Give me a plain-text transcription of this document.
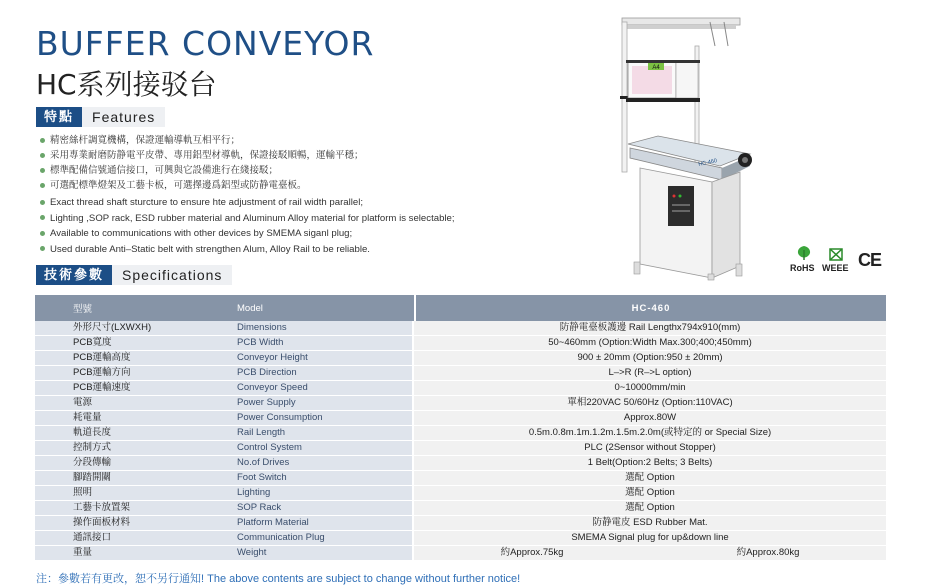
BUFFER CONVEYOR
HC系列接驳台
特點	Features
精密絲杆調寬機構，保證運輸導軌互相平行；
采用專業耐磨防静電平皮帶、專用鋁型材導軌，保證接駁順暢，運輸平穩；
標準配備信號通信接口，可興與它設備進行在綫接駁；
可選配標準燈架及工藝卡板，可選擇邊爲鋁型或防静電臺板。
Exact thread shaft sturcture to ensure hte adjustment of rail width parallel;
Lighting ,SOP rack, ESD rubber material and Aluminum Alloy material for platform is selectable;
Available to communications with other devices by SMEMA siganl plug;
Used durable Anti–Static belt with strengthen Alum, Alloy Rail to be reliable.
A4
HC-460
RoHS WEEE CE
技術參數	Specifications
型號	Model	HC-460
外形尺寸(LXWXH)	Dimensions	防静電臺板護邊 Rail Lengthx794x910(mm)
PCB寬度	PCB Width	50~460mm (Option:Width Max.300;400;450mm)
PCB運輸高度	Conveyor Height	900 ± 20mm (Option:950 ± 20mm)
PCB運輸方向	PCB Direction	L–>R (R–>L option)
PCB運輸速度	Conveyor Speed	0~10000mm/min
電源	Power Supply	單相220VAC 50/60Hz (Option:110VAC)
耗電量	Power Consumption	Approx.80W
軌道長度	Rail Length	0.5m.0.8m.1m.1.2m.1.5m.2.0m(或特定的 or Special Size)
控制方式	Control System	PLC (2Sensor without Stopper)
分段傳輸	No.of Drives	1 Belt(Option:2 Belts; 3 Belts)
腳踏開關	Foot Switch	選配 Option
照明	Lighting	選配 Option
工藝卡放置架	SOP Rack	選配 Option
操作面板材料	Platform Material	防静電皮 ESD Rubber Mat.
通訊接口	Communication Plug	SMEMA Signal plug for up&down line
重量	Weight	約Approx.75kg 約Approx.80kg
注：參數若有更改，恕不另行通知! The above contents are subject to change without further notice!
